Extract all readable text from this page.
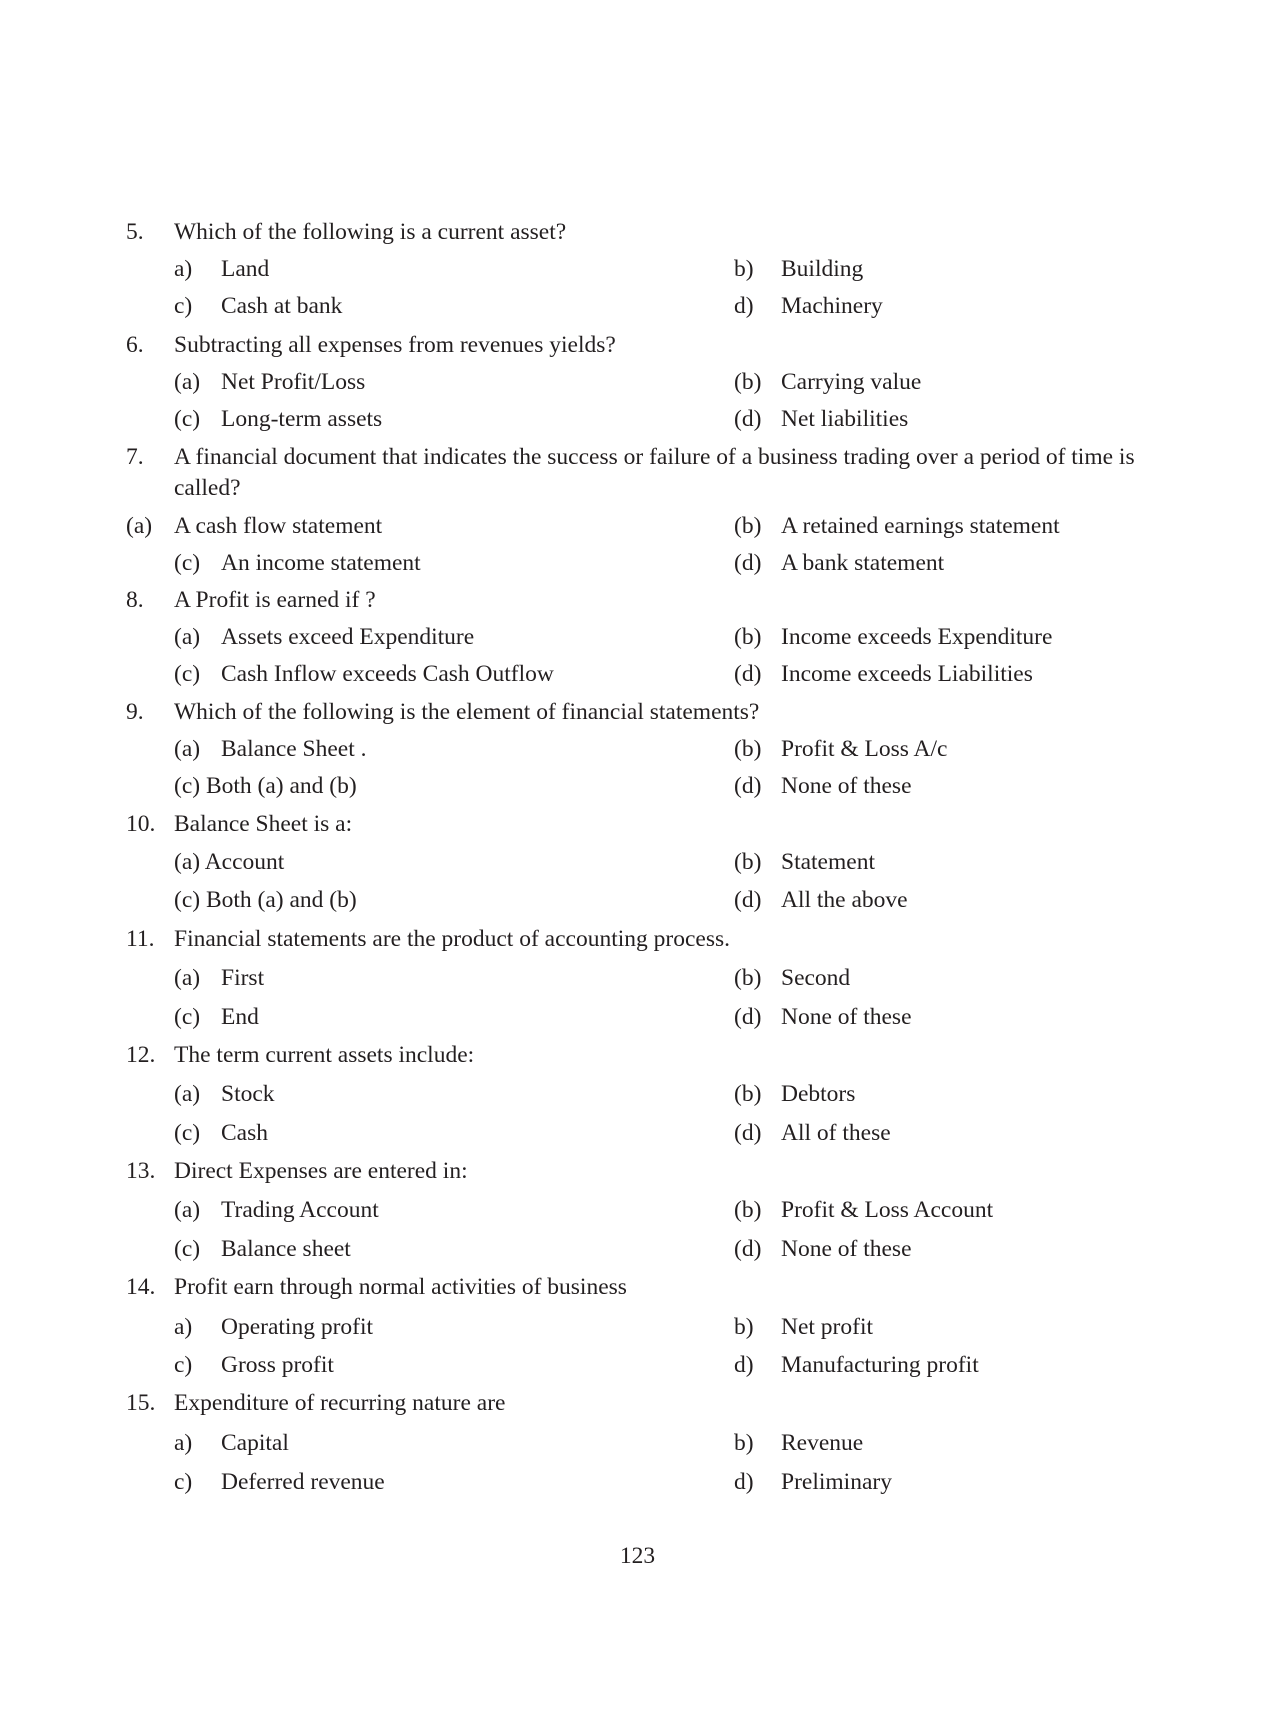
5. Which of the following is a current asset?
a) Land	b) Building
c) Cash at bank	d) Machinery
6. Subtracting all expenses from revenues yields?
(a) Net Profit/Loss	(b) Carrying value
(c) Long-term assets	(d) Net liabilities
7. A financial document that indicates the success or failure of a business trading over a period of time is called?
(a) A cash flow statement	(b) A retained earnings statement
(c) An income statement	(d) A bank statement
8. A Profit is earned if ?
(a) Assets exceed Expenditure	(b) Income exceeds Expenditure
(c) Cash Inflow exceeds Cash Outflow	(d) Income exceeds Liabilities
9. Which of the following is the element of financial statements?
(a) Balance Sheet .	(b) Profit & Loss A/c
(c) Both (a) and (b)	(d) None of these
10. Balance Sheet is a:
(a) Account	(b) Statement
(c) Both (a) and (b)	(d) All the above
11. Financial statements are the product of accounting process.
(a) First	(b) Second
(c) End	(d) None of these
12. The term current assets include:
(a) Stock	(b) Debtors
(c) Cash	(d) All of these
13. Direct Expenses are entered in:
(a) Trading Account	(b) Profit & Loss Account
(c) Balance sheet	(d) None of these
14. Profit earn through normal activities of business
a) Operating profit	b) Net profit
c) Gross profit	d) Manufacturing profit
15. Expenditure of recurring nature are
a) Capital	b) Revenue
c) Deferred revenue	d) Preliminary
123
